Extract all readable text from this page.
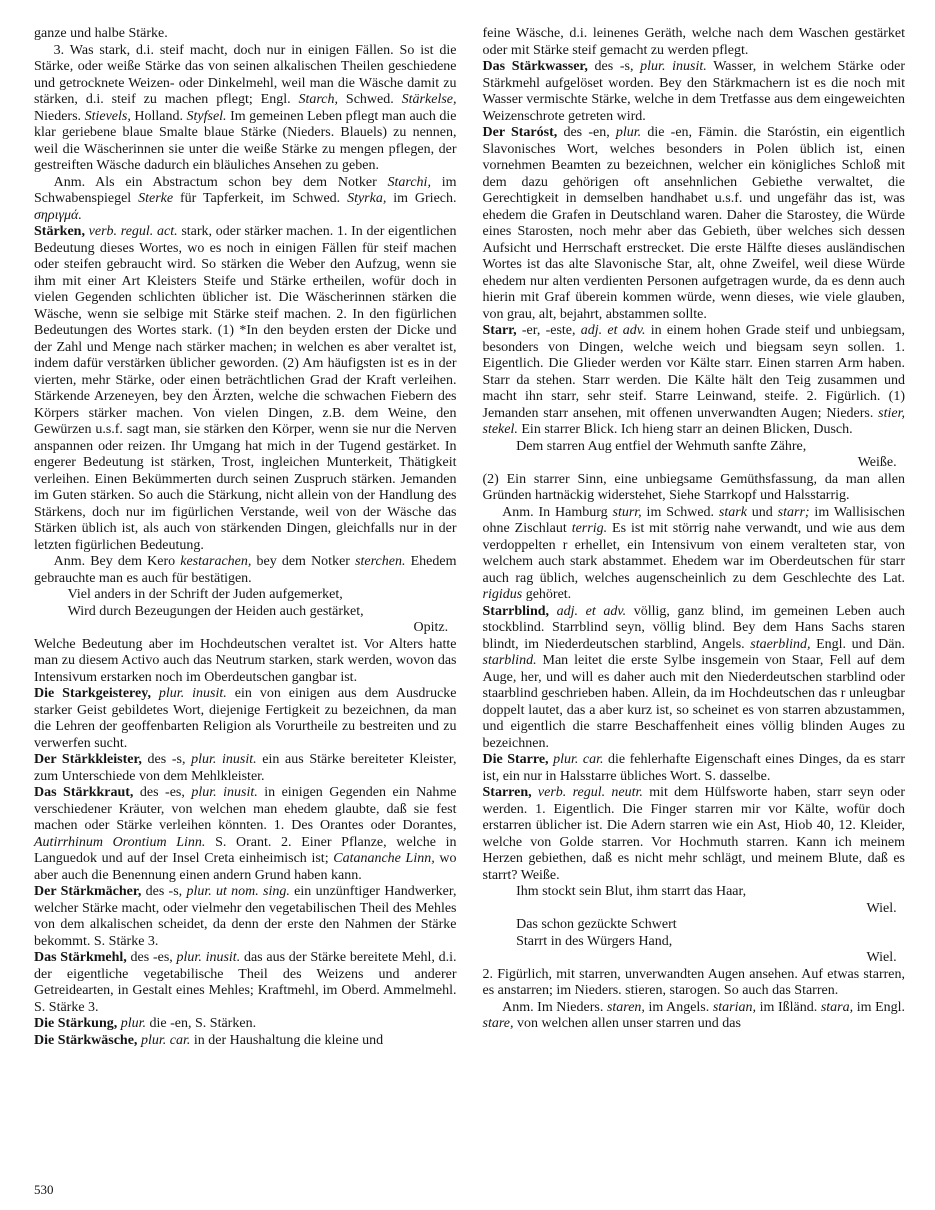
ganze und halbe Stärke.

3. Was stark, d.i. steif macht, doch nur in einigen Fällen. So ist die Stärke, oder weiße Stärke das von seinen alkalischen Theilen geschiedene und getrocknete Weizen- oder Dinkelmehl, weil man die Wäsche damit zu stärken, d.i. steif zu machen pflegt; Engl. Starch, Schwed. Stärkelse, Nieders. Stievels, Holland. Styfsel. Im gemeinen Leben pflegt man auch die klar geriebene blaue Smalte blaue Stärke (Nieders. Blauels) zu nennen, weil die Wäscherinnen sie unter die weiße Stärke zu mengen pflegen, der gestreiften Wäsche dadurch ein bläuliches Ansehen zu geben.

Anm. Als ein Abstractum schon bey dem Notker Starchi, im Schwabenspiegel Sterke für Tapferkeit, im Schwed. Styrka, im Griech. σηριγμά.

Stärken, verb. regul. act. stark, oder stärker machen. 1. In der eigentlichen Bedeutung dieses Wortes, wo es noch in einigen Fällen für steif machen oder steifen gebraucht wird. So stärken die Weber den Aufzug, wenn sie ihm mit einer Art Kleisters Steife und Stärke ertheilen, wofür doch in vielen Gegenden schlichten üblicher ist. Die Wäscherinnen stärken die Wäsche, wenn sie selbige mit Stärke steif machen. 2. In den figürlichen Bedeutungen des Wortes stark. (1) *In den beyden ersten der Dicke und der Zahl und Menge nach stärker machen; in welchen es aber veraltet ist, indem dafür verstärken üblicher geworden. (2) Am häufigsten ist es in der vierten, mehr Stärke, oder einen beträchtlichen Grad der Kraft verleihen. Stärkende Arzeneyen, bey den Ärzten, welche die schwachen Fiebern des Körpers stärker machen. Von vielen Dingen, z.B. dem Weine, den Gewürzen u.s.f. sagt man, sie stärken den Körper, wenn sie nur die Nerven anspannen oder reizen. Ihr Umgang hat mich in der Tugend gestärket. In engerer Bedeutung ist stärken, Trost, ingleichen Munterkeit, Thätigkeit verleihen. Einen Bekümmerten durch seinen Zuspruch stärken. Jemanden im Guten stärken. So auch die Stärkung, nicht allein von der Handlung des Stärkens, doch nur im figürlichen Verstande, weil von der Wäsche das Stärken üblich ist, als auch von stärkenden Dingen, gleichfalls nur in der letzten figürlichen Bedeutung.

Anm. Bey dem Kero kestarachen, bey dem Notker sterchen. Ehedem gebrauchte man es auch für bestätigen.

Viel anders in der Schrift der Juden aufgemerket,

Wird durch Bezeugungen der Heiden auch gestärket,

Opitz.

Welche Bedeutung aber im Hochdeutschen veraltet ist. Vor Alters hatte man zu diesem Activo auch das Neutrum starken, stark werden, wovon das Intensivum erstarken noch im Oberdeutschen gangbar ist.

Die Starkgeisterey, plur. inusit. ein von einigen aus dem Ausdrucke starker Geist gebildetes Wort, diejenige Fertigkeit zu bezeichnen, da man die Lehren der geoffenbarten Religion als Vorurtheile zu bestreiten und zu verwerfen sucht.

Der Stärkkleister, des -s, plur. inusit. ein aus Stärke bereiteter Kleister, zum Unterschiede von dem Mehlkleister.

Das Stärkkraut, des -es, plur. inusit. in einigen Gegenden ein Nahme verschiedener Kräuter, von welchen man ehedem glaubte, daß sie fest machen oder Stärke verleihen könnten. 1. Des Orantes oder Dorantes, Autirrhinum Orontium Linn. S. Orant. 2. Einer Pflanze, welche in Languedok und auf der Insel Creta einheimisch ist; Catananche Linn, wo aber auch die Benennung einen andern Grund haben kann.

Der Stärkmächer, des -s, plur. ut nom. sing. ein unzünftiger Handwerker, welcher Stärke macht, oder vielmehr den vegetabilischen Theil des Mehles von dem alkalischen scheidet, da denn der erste den Nahmen der Stärke bekommt. S. Stärke 3.

Das Stärkmehl, des -es, plur. inusit. das aus der Stärke bereitete Mehl, d.i. der eigentliche vegetabilische Theil des Weizens und anderer Getreidearten, in Gestalt eines Mehles; Kraftmehl, im Oberd. Ammelmehl. S. Stärke 3.

Die Stärkung, plur. die -en, S. Stärken.

Die Stärkwäsche, plur. car. in der Haushaltung die kleine und

feine Wäsche, d.i. leinenes Geräth, welche nach dem Waschen gestärket oder mit Stärke steif gemacht zu werden pflegt.

Das Stärkwasser, des -s, plur. inusit. Wasser, in welchem Stärke oder Stärkmehl aufgelöset worden. Bey den Stärkmachern ist es die noch mit Wasser vermischte Stärke, welche in dem Tretfasse aus dem eingeweichten Weizenschrote getreten wird.

Der Staróst, des -en, plur. die -en, Fämin. die Staróstin, ein eigentlich Slavonisches Wort, welches besonders in Polen üblich ist, einen vornehmen Beamten zu bezeichnen, welcher ein königliches Schloß mit dem dazu gehörigen oft ansehnlichen Gebiethe verwaltet, die Gerechtigkeit in demselben handhabet u.s.f. und ungefähr das ist, was ehedem die Grafen in Deutschland waren. Daher die Starostey, die Würde eines Starosten, noch mehr aber das Gebieth, über welches sich dessen Aufsicht und Herrschaft erstrecket. Die erste Hälfte dieses ausländischen Wortes ist das alte Slavonische Star, alt, ohne Zweifel, weil diese Würde ehedem nur alten verdienten Personen aufgetragen wurde, da es denn auch hierin mit Graf überein kommen würde, wenn dieses, wie viele glauben, von grau, alt, bejahrt, abstammen sollte.

Starr, -er, -este, adj. et adv. in einem hohen Grade steif und unbiegsam, besonders von Dingen, welche weich und biegsam seyn sollen. 1. Eigentlich. Die Glieder werden vor Kälte starr. Einen starren Arm haben. Starr da stehen. Starr werden. Die Kälte hält den Teig zusammen und macht ihn starr, sehr steif. Starre Leinwand, steife. 2. Figürlich. (1) Jemanden starr ansehen, mit offenen unverwandten Augen; Nieders. stier, stekel. Ein starrer Blick. Ich hieng starr an deinen Blicken, Dusch.

Dem starren Aug entfiel der Wehmuth sanfte Zähre,

Weiße.

(2) Ein starrer Sinn, eine unbiegsame Gemüthsfassung, da man allen Gründen hartnäckig widerstehet, Siehe Starrkopf und Halsstarrig.

Anm. In Hamburg sturr, im Schwed. stark und starr; im Wallisischen ohne Zischlaut terrig. Es ist mit störrig nahe verwandt, und wie aus dem verdoppelten r erhellet, ein Intensivum von einem veralteten star, von welchem auch stark abstammet. Ehedem war im Oberdeutschen für starr auch rag üblich, welches augenscheinlich zu dem Geschlechte des Lat. rigidus gehöret.

Starrblind, adj. et adv. völlig, ganz blind, im gemeinen Leben auch stockblind. Starrblind seyn, völlig blind. Bey dem Hans Sachs staren blindt, im Niederdeutschen starblind, Angels. staerblind, Engl. und Dän. starblind. Man leitet die erste Sylbe insgemein von Staar, Fell auf dem Auge, her, und will es daher auch mit den Niederdeutschen starblind oder staarblind geschrieben haben. Allein, da im Hochdeutschen das r unleugbar doppelt lautet, das a aber kurz ist, so scheinet es von starren abzustammen, und eigentlich die starre Beschaffenheit eines völlig blinden Auges zu bezeichnen.

Die Starre, plur. car. die fehlerhafte Eigenschaft eines Dinges, da es starr ist, ein nur in Halsstarre übliches Wort. S. dasselbe.

Starren, verb. regul. neutr. mit dem Hülfsworte haben, starr seyn oder werden. 1. Eigentlich. Die Finger starren mir vor Kälte, wofür doch erstarren üblicher ist. Die Adern starren wie ein Ast, Hiob 40, 12. Kleider, welche von Golde starren. Vor Hochmuth starren. Kann ich meinem Herzen gebiethen, daß es nicht mehr schlägt, und meinem Blute, daß es starrt? Weiße.

Ihm stockt sein Blut, ihm starrt das Haar,

Wiel.

Das schon gezückte Schwert

Starrt in des Würgers Hand,

Wiel.

2. Figürlich, mit starren, unverwandten Augen ansehen. Auf etwas starren, es anstarren; im Nieders. stieren, starogen. So auch das Starren.

Anm. Im Nieders. staren, im Angels. starian, im Ißländ. stara, im Engl. stare, von welchen allen unser starren und das

530
